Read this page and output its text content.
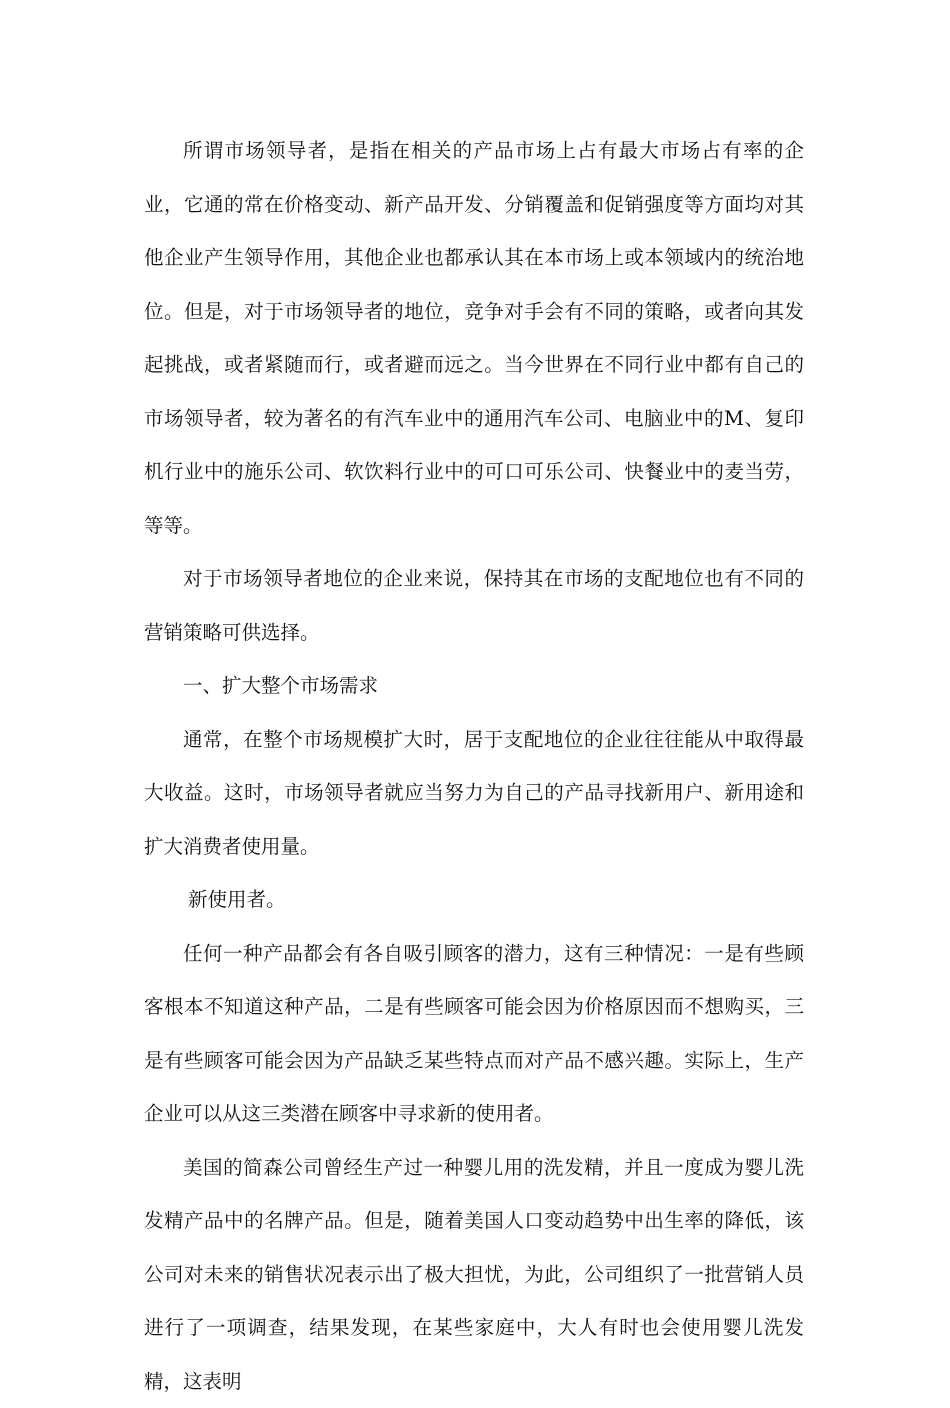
所谓市场领导者，是指在相关的产品市场上占有最大市场占有率的企业，它通的常在价格变动、新产品开发、分销覆盖和促销强度等方面均对其他企业产生领导作用，其他企业也都承认其在本市场上或本领域内的统治地位。但是，对于市场领导者的地位，竞争对手会有不同的策略，或者向其发起挑战，或者紧随而行，或者避而远之。当今世界在不同行业中都有自己的市场领导者，较为著名的有汽车业中的通用汽车公司、电脑业中的M、复印机行业中的施乐公司、软饮料行业中的可口可乐公司、快餐业中的麦当劳，等等。

对于市场领导者地位的企业来说，保持其在市场的支配地位也有不同的营销策略可供选择。

一、扩大整个市场需求

通常，在整个市场规模扩大时，居于支配地位的企业往往能从中取得最大收益。这时，市场领导者就应当努力为自己的产品寻找新用户、新用途和扩大消费者使用量。

新使用者。

任何一种产品都会有各自吸引顾客的潜力，这有三种情况：一是有些顾客根本不知道这种产品，二是有些顾客可能会因为价格原因而不想购买，三是有些顾客可能会因为产品缺乏某些特点而对产品不感兴趣。实际上，生产企业可以从这三类潜在顾客中寻求新的使用者。

美国的简森公司曾经生产过一种婴儿用的洗发精，并且一度成为婴儿洗发精产品中的名牌产品。但是，随着美国人口变动趋势中出生率的降低，该公司对未来的销售状况表示出了极大担忧，为此，公司组织了一批营销人员进行了一项调查，结果发现，在某些家庭中，大人有时也会使用婴儿洗发精，这表明
